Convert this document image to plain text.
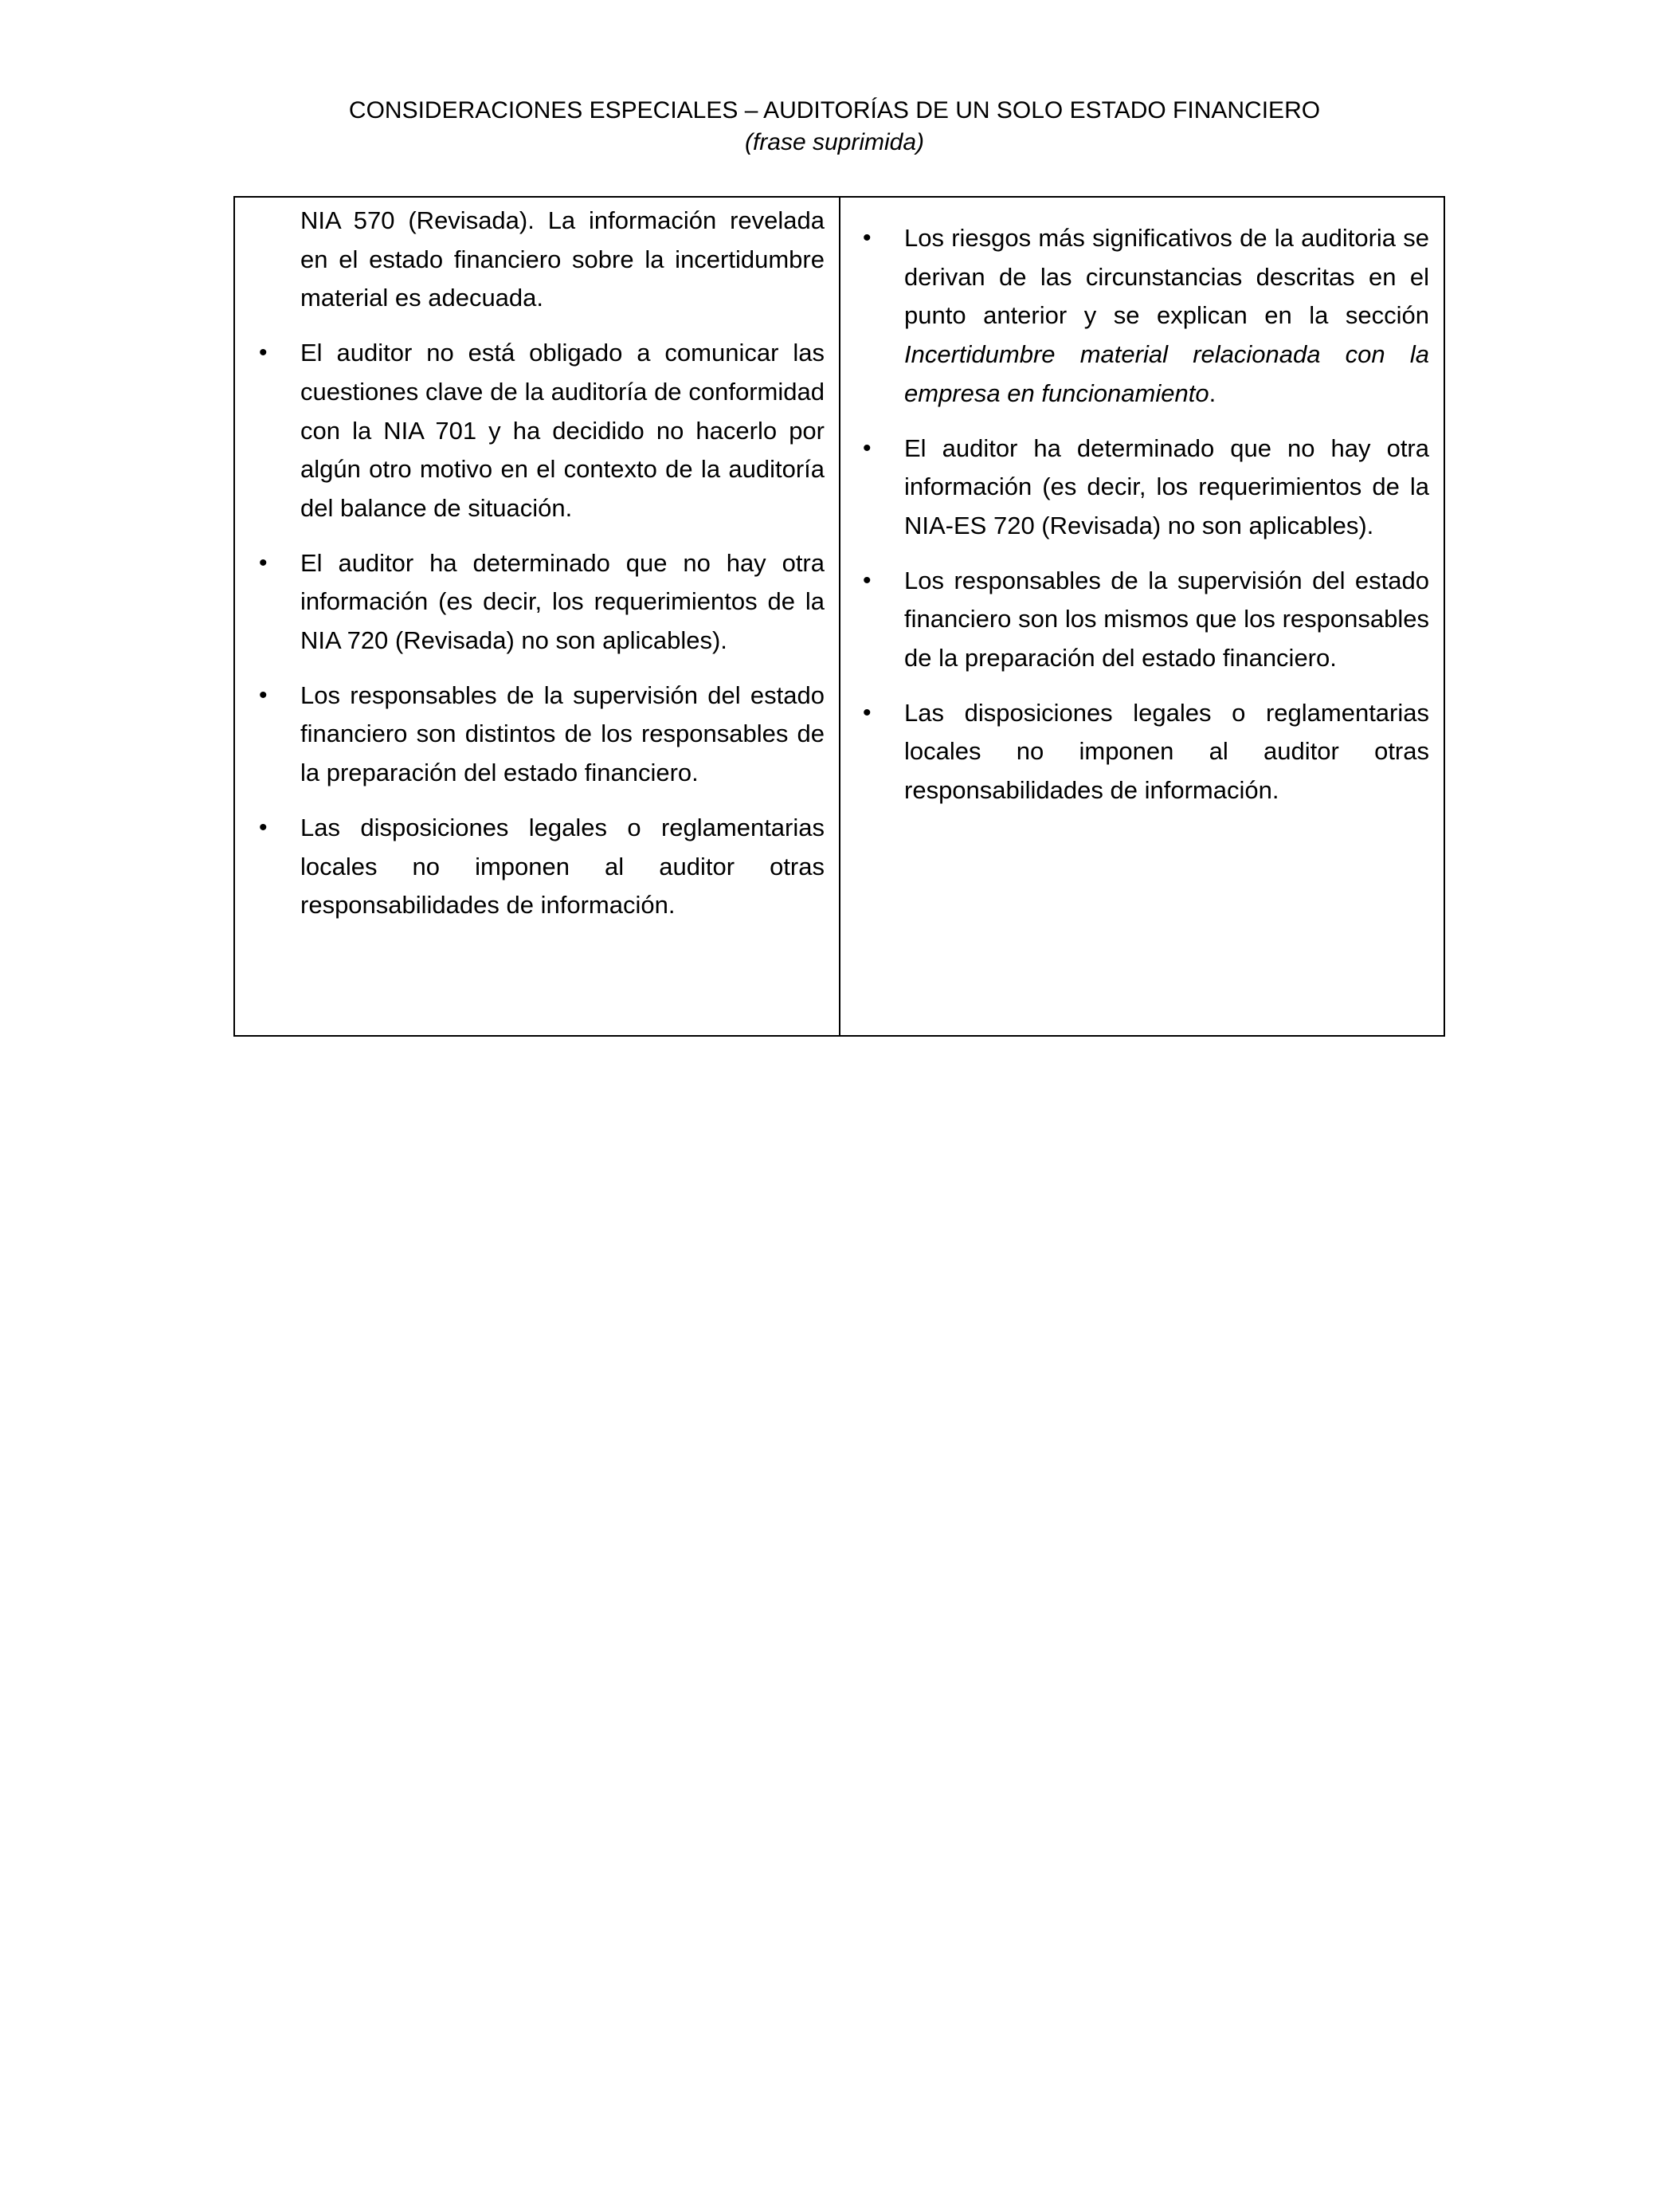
CONSIDERACIONES ESPECIALES – AUDITORÍAS DE UN SOLO ESTADO FINANCIERO
(frase suprimida)

NIA 570 (Revisada). La información revelada en el estado financiero sobre la incertidumbre material es adecuada.

•	El auditor no está obligado a comunicar las cuestiones clave de la auditoría de conformidad con la NIA 701 y ha decidido no hacerlo por algún otro motivo en el contexto de la auditoría del balance de situación.
•	El auditor ha determinado que no hay otra información (es decir, los requerimientos de la NIA 720 (Revisada) no son aplicables).
•	Los responsables de la supervisión del estado financiero son distintos de los responsables de la preparación del estado financiero.
•	Las disposiciones legales o reglamentarias locales no imponen al auditor otras responsabilidades de información.
•	Los riesgos más significativos de la auditoria se derivan de las circunstancias descritas en el punto anterior y se explican en la sección Incertidumbre material relacionada con la empresa en funcionamiento.
•	El auditor ha determinado que no hay otra información (es decir, los requerimientos de la NIA-ES 720 (Revisada) no son aplicables).
•	Los responsables de la supervisión del estado financiero son los mismos que los responsables de la preparación del estado financiero.
•	Las disposiciones legales o reglamentarias locales no imponen al auditor otras responsabilidades de información.
